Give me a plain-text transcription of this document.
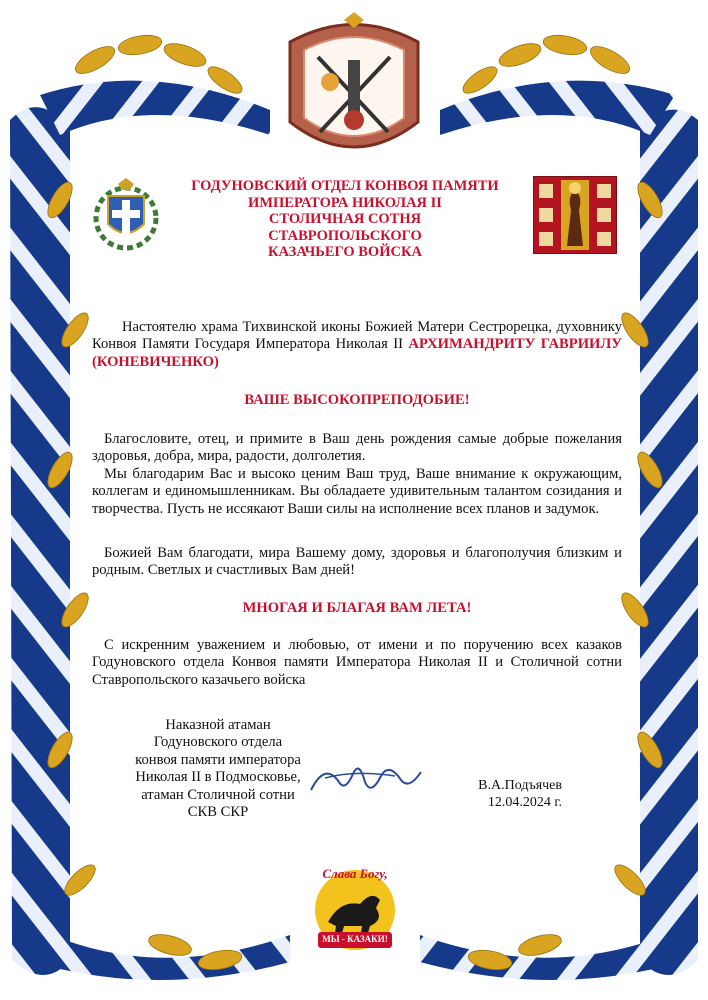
ГОДУНОВСКИЙ ОТДЕЛ КОНВОЯ ПАМЯТИ
ИМПЕРАТОРА НИКОЛАЯ II
СТОЛИЧНАЯ СОТНЯ
СТАВРОПОЛЬСКОГО
КАЗАЧЬЕГО ВОЙСКА
Настоятелю храма Тихвинской иконы Божией Матери Сестрорецка, духовнику Конвоя Памяти Государя Императора Николая II АРХИМАНДРИТУ ГАВРИИЛУ (КОНЕВИЧЕНКО)
ВАШЕ ВЫСОКОПРЕПОДОБИЕ!
Благословите, отец, и примите в Ваш день рождения самые добрые пожелания здоровья, добра, мира, радости, долголетия.
Мы благодарим Вас и высоко ценим Ваш труд, Ваше внимание к окружающим, коллегам и единомышленникам. Вы обладаете удивительным талантом созидания и творчества. Пусть не иссякают Ваши силы на исполнение всех планов и задумок.
Божией Вам благодати, мира Вашему дому, здоровья и благополучия близким и родным. Светлых и счастливых Вам дней!
МНОГАЯ И БЛАГАЯ ВАМ ЛЕТА!
С искренним уважением и любовью, от имени и по поручению всех казаков Годуновского отдела Конвоя памяти Императора Николая II и Столичной сотни Ставропольского казачьего войска
Наказной атаман
Годуновского отдела
конвоя памяти императора
Николая II в Подмосковье,
атаман Столичной сотни
СКВ СКР
В.А.Подъячев
12.04.2024 г.
Слава Богу,
МЫ - КАЗАКИ!
